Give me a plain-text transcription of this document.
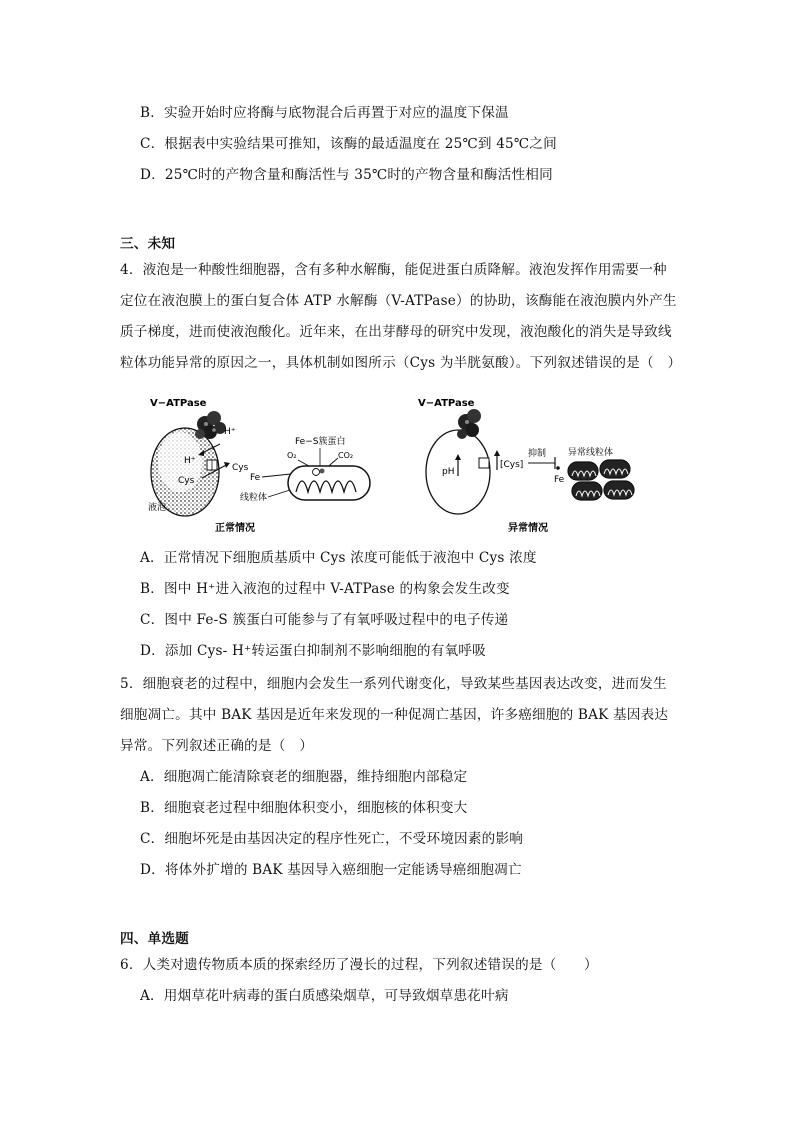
B．实验开始时应将酶与底物混合后再置于对应的温度下保温
C．根据表中实验结果可推知，该酶的最适温度在 25℃到 45℃之间
D．25℃时的产物含量和酶活性与 35℃时的产物含量和酶活性相同
三、未知
4．液泡是一种酸性细胞器，含有多种水解酶，能促进蛋白质降解。液泡发挥作用需要一种
定位在液泡膜上的蛋白复合体 ATP 水解酶（V-ATPase）的协助，该酶能在液泡膜内外产生
质子梯度，进而使液泡酸化。近年来，在出芽酵母的研究中发现，液泡酸化的消失是导致线
粒体功能异常的原因之一，具体机制如图所示（Cys 为半胱氨酸）。下列叙述错误的是（　）
V−ATPase
H⁺
H⁺
Cys
Cys
液泡
Fe−S簇蛋白
O₂	CO₂
Fe
线粒体
正常情况
V−ATPase
pH
[Cys]
抑制
Fe
异常线粒体
异常情况
A．正常情况下细胞质基质中 Cys 浓度可能低于液泡中 Cys 浓度
B．图中 H⁺进入液泡的过程中 V-ATPase 的构象会发生改变
C．图中 Fe-S 簇蛋白可能参与了有氧呼吸过程中的电子传递
D．添加 Cys- H⁺转运蛋白抑制剂不影响细胞的有氧呼吸
5．细胞衰老的过程中，细胞内会发生一系列代谢变化，导致某些基因表达改变，进而发生
细胞凋亡。其中 BAK 基因是近年来发现的一种促凋亡基因，许多癌细胞的 BAK 基因表达
异常。下列叙述正确的是（　）
A．细胞凋亡能清除衰老的细胞器，维持细胞内部稳定
B．细胞衰老过程中细胞体积变小，细胞核的体积变大
C．细胞坏死是由基因决定的程序性死亡，不受环境因素的影响
D．将体外扩增的 BAK 基因导入癌细胞一定能诱导癌细胞凋亡
四、单选题
6．人类对遗传物质本质的探索经历了漫长的过程，下列叙述错误的是（　　）
A．用烟草花叶病毒的蛋白质感染烟草，可导致烟草患花叶病
